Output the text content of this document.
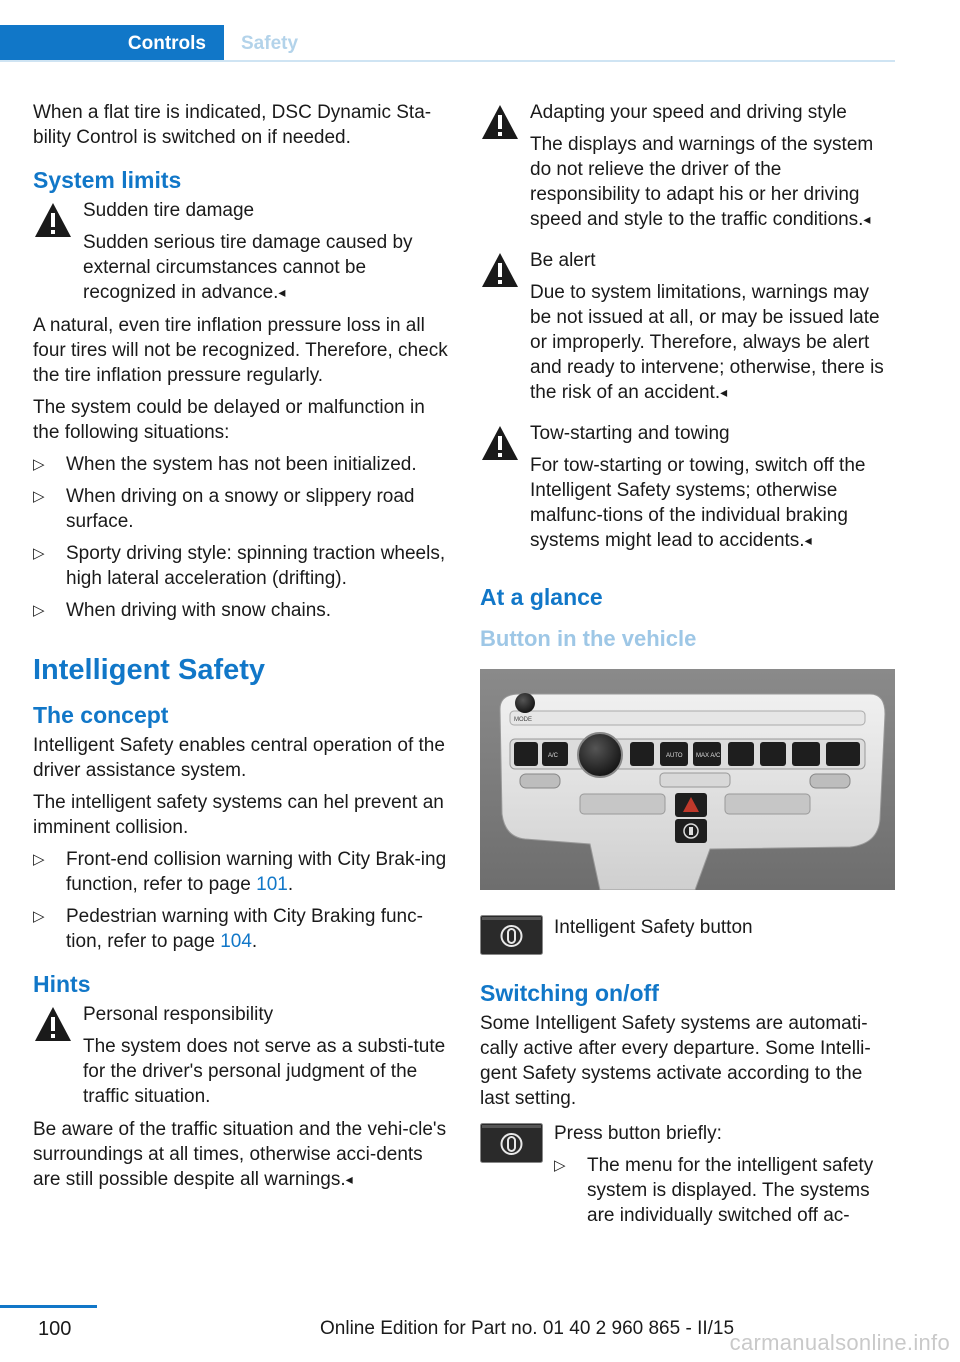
Controls	Safety

When a flat tire is indicated, DSC Dynamic Sta-bility Control is switched on if needed.

System limits
Sudden tire damage
Sudden serious tire damage caused by external circumstances cannot be recognized in advance.◂

A natural, even tire inflation pressure loss in all four tires will not be recognized. Therefore, check the tire inflation pressure regularly.

The system could be delayed or malfunction in the following situations:

▷ When the system has not been initialized.
▷ When driving on a snowy or slippery road surface.
▷ Sporty driving style: spinning traction wheels, high lateral acceleration (drifting).
▷ When driving with snow chains.
Intelligent Safety
The concept

Intelligent Safety enables central operation of the driver assistance system.

The intelligent safety systems can hel prevent an imminent collision.

▷ Front-end collision warning with City Brak-ing function, refer to page 101.
▷ Pedestrian warning with City Braking func-tion, refer to page 104.
Hints
Personal responsibility
The system does not serve as a substi-tute for the driver's personal judgment of the traffic situation.

Be aware of the traffic situation and the vehi-cle's surroundings at all times, otherwise acci-dents are still possible despite all warnings.◂

Adapting your speed and driving style
The displays and warnings of the system do not relieve the driver of the responsibility to adapt his or her driving speed and style to the traffic conditions.◂
Be alert
Due to system limitations, warnings may be not issued at all, or may be issued late or improperly. Therefore, always be alert and ready to intervene; otherwise, there is the risk of an accident.◂
Tow-starting and towing
For tow-starting or towing, switch off the Intelligent Safety systems; otherwise malfunc-tions of the individual braking systems might lead to accidents.◂
At a glance
Button in the vehicle
MODE
A/C	AUTO MAX A/C
Intelligent Safety button
Switching on/off

Some Intelligent Safety systems are automati-cally active after every departure. Some Intelli-gent Safety systems activate according to the last setting.

Press button briefly:

▷ The menu for the intelligent safety system is displayed. The systems are individually switched off ac-
100	Online Edition for Part no. 01 40 2 960 865 - II/15
carmanualsonline.info
